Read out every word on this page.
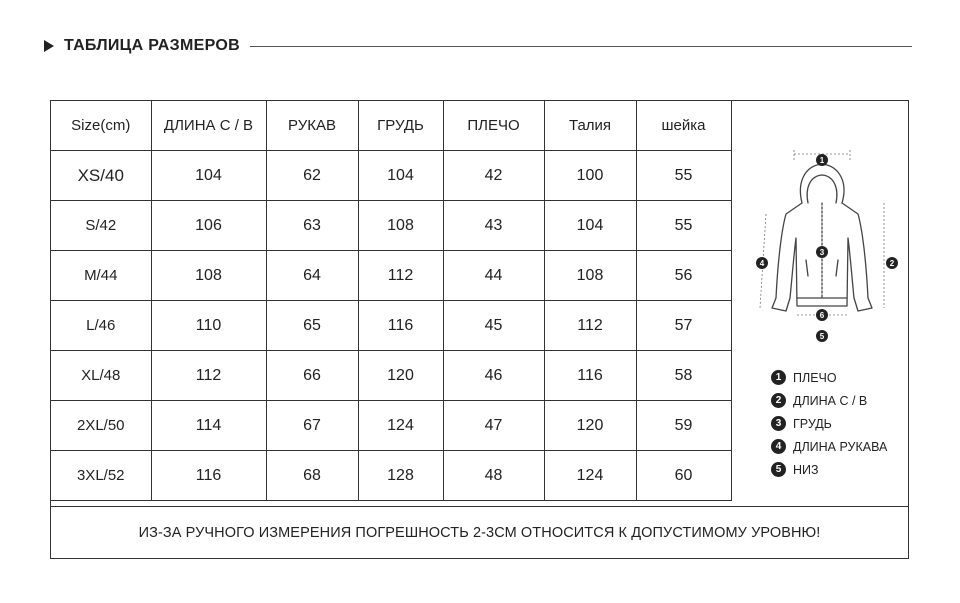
ТАБЛИЦА РАЗМЕРОВ
Size(cm)	ДЛИНА С / В	РУКАВ	ГРУДЬ	ПЛЕЧО	Талия	шейка
XS/40	104	62	104	42	100	55
S/42	106	63	108	43	104	55
M/44	108	64	112	44	108	56
L/46	110	65	116	45	112	57
XL/48	112	66	120	46	116	58
2XL/50	114	67	124	47	120	59
3XL/52	116	68	128	48	124	60
ИЗ-ЗА РУЧНОГО ИЗМЕРЕНИЯ ПОГРЕШНОСТЬ 2-3СМ ОТНОСИТСЯ К ДОПУСТИМОМУ УРОВНЮ!
1
2
3
4
5
6
1 ПЛЕЧО
2 ДЛИНА С / В
3 ГРУДЬ
4 ДЛИНА РУКАВА
5 НИЗ
